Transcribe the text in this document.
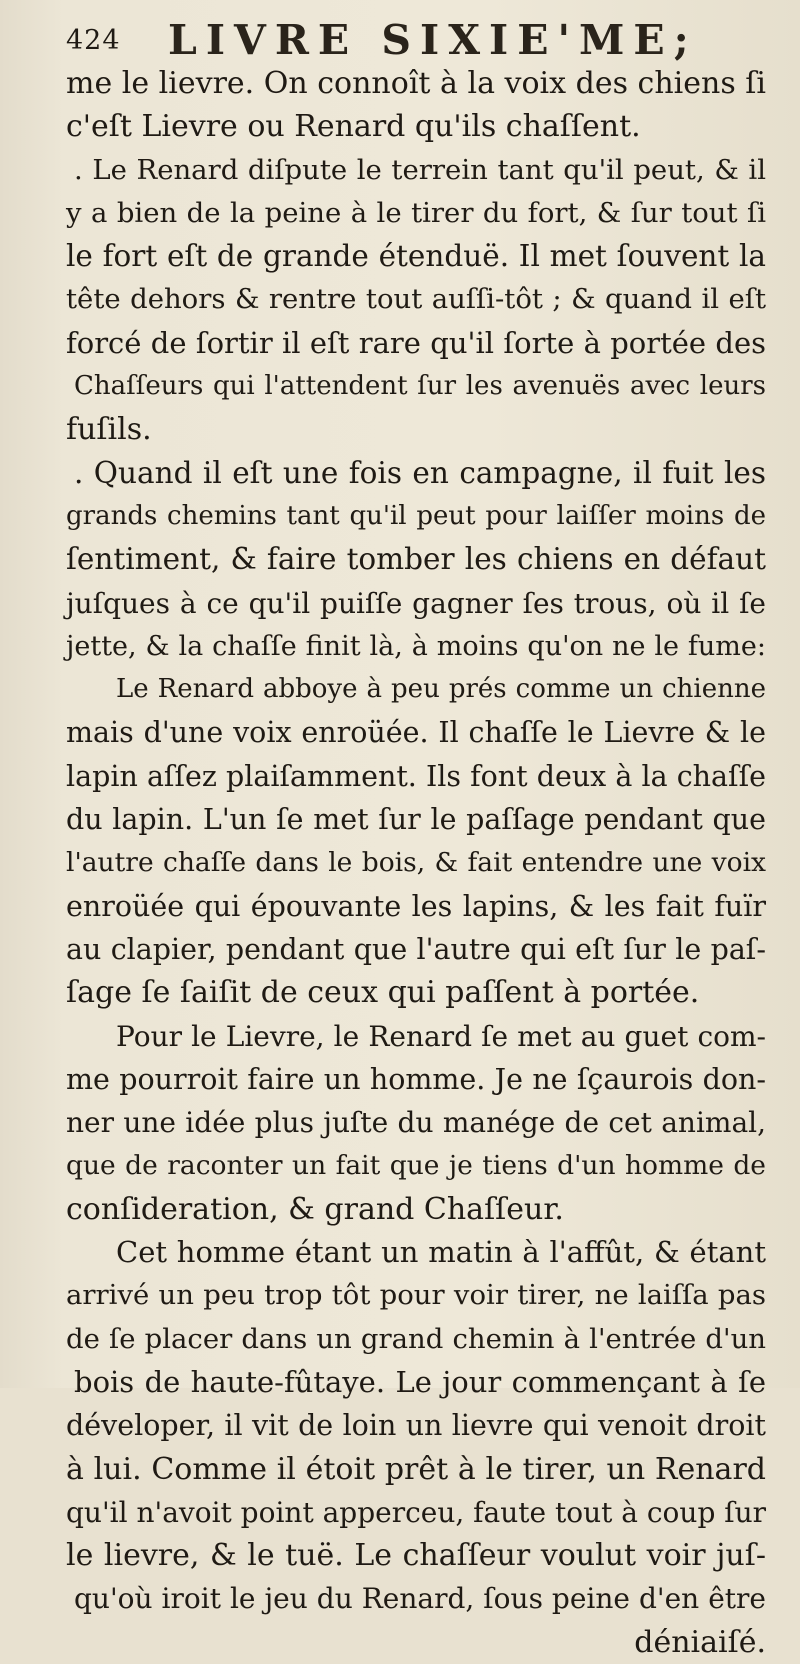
424	LIVRE SIXIE'ME;
me le lievre. On connoît à la voix des chiens ſi
c'eſt Lievre ou Renard qu'ils chaſſent.
. Le Renard diſpute le terrein tant qu'il peut, & il
y a bien de la peine à le tirer du fort, & ſur tout ſi
le fort eſt de grande étenduë. Il met ſouvent la
tête dehors & rentre tout auſſi-tôt ; & quand il eſt
forcé de ſortir il eſt rare qu'il ſorte à portée des
Chaſſeurs qui l'attendent ſur les avenuës avec leurs
fuſils.
. Quand il eſt une fois en campagne, il fuit les
grands chemins tant qu'il peut pour laiſſer moins de
ſentiment, & faire tomber les chiens en défaut
juſques à ce qu'il puiſſe gagner ſes trous, où il ſe
jette, & la chaſſe finit là, à moins qu'on ne le fume:
Le Renard abboye à peu prés comme un chienne
mais d'une voix enroüée. Il chaſſe le Lievre & le
lapin aſſez plaiſamment. Ils font deux à la chaſſe
du lapin. L'un ſe met ſur le paſſage pendant que
l'autre chaſſe dans le bois, & fait entendre une voix
enroüée qui épouvante les lapins, & les fait fuïr
au clapier, pendant que l'autre qui eſt ſur le paſ-
ſage ſe ſaiſit de ceux qui paſſent à portée.
Pour le Lievre, le Renard ſe met au guet com-
me pourroit faire un homme. Je ne ſçaurois don-
ner une idée plus juſte du manége de cet animal,
que de raconter un fait que je tiens d'un homme de
conſideration, & grand Chaſſeur.
Cet homme étant un matin à l'affût, & étant
arrivé un peu trop tôt pour voir tirer, ne laiſſa pas
de ſe placer dans un grand chemin à l'entrée d'un
bois de haute-fûtaye. Le jour commençant à ſe
déveloper, il vit de loin un lievre qui venoit droit
à lui. Comme il étoit prêt à le tirer, un Renard
qu'il n'avoit point apperceu, faute tout à coup ſur
le lievre, & le tuë. Le chaſſeur voulut voir juſ-
qu'où iroit le jeu du Renard, ſous peine d'en être
déniaiſé.
